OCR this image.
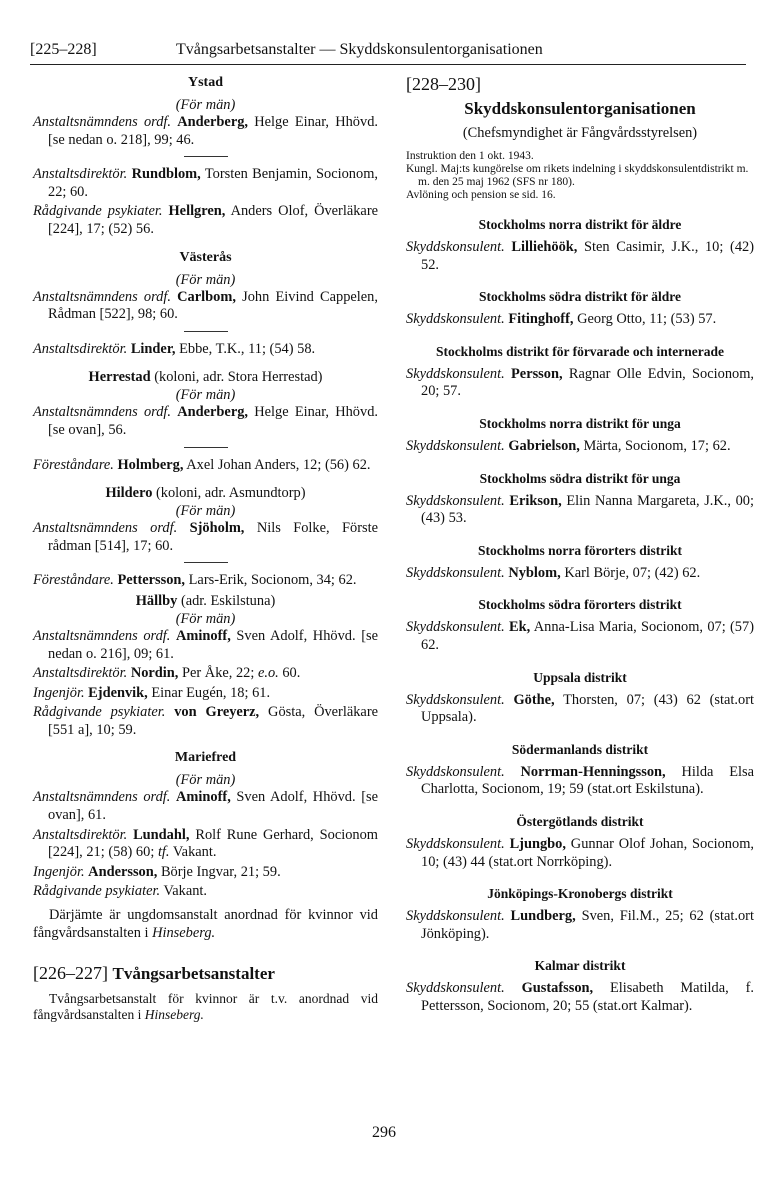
[225–228]	Tvångsarbetsanstalter — Skyddskonsulentorganisationen
Ystad
(För män)

Anstaltsnämndens ordf. Anderberg, Helge Einar, Hhövd. [se nedan o. 218], 99; 46.

Anstaltsdirektör. Rundblom, Torsten Benjamin, Socionom, 22; 60.

Rådgivande psykiater. Hellgren, Anders Olof, Överläkare [224], 17; (52) 56.

Västerås
(För män)

Anstaltsnämndens ordf. Carlbom, John Eivind Cappelen, Rådman [522], 98; 60.

Anstaltsdirektör. Linder, Ebbe, T.K., 11; (54) 58.

Herrestad (koloni, adr. Stora Herrestad)
(För män)

Anstaltsnämndens ordf. Anderberg, Helge Einar, Hhövd. [se ovan], 56.

Föreståndare. Holmberg, Axel Johan Anders, 12; (56) 62.

Hildero (koloni, adr. Asmundtorp)
(För män)

Anstaltsnämndens ordf. Sjöholm, Nils Folke, Förste rådman [514], 17; 60.

Föreståndare. Pettersson, Lars-Erik, Socionom, 34; 62.

Hällby (adr. Eskilstuna)
(För män)

Anstaltsnämndens ordf. Aminoff, Sven Adolf, Hhövd. [se nedan o. 216], 09; 61.

Anstaltsdirektör. Nordin, Per Åke, 22; e.o. 60.

Ingenjör. Ejdenvik, Einar Eugén, 18; 61.

Rådgivande psykiater. von Greyerz, Gösta, Överläkare [551 a], 10; 59.

Mariefred
(För män)

Anstaltsnämndens ordf. Aminoff, Sven Adolf, Hhövd. [se ovan], 61.

Anstaltsdirektör. Lundahl, Rolf Rune Gerhard, Socionom [224], 21; (58) 60; tf. Vakant.

Ingenjör. Andersson, Börje Ingvar, 21; 59.

Rådgivande psykiater. Vakant.

Därjämte är ungdomsanstalt anordnad för kvinnor vid fångvårdsanstalten i Hinseberg.

[226–227] Tvångsarbetsanstalter

Tvångsarbetsanstalt för kvinnor är t.v. anordnad vid fångvårdsanstalten i Hinseberg.

[228–230]
Skyddskonsulentorganisationen
(Chefsmyndighet är Fångvårdsstyrelsen)

Instruktion den 1 okt. 1943.

Kungl. Maj:ts kungörelse om rikets indelning i skyddskonsulentdistrikt m. m. den 25 maj 1962 (SFS nr 180).

Avlöning och pension se sid. 16.

Stockholms norra distrikt för äldre

Skyddskonsulent. Lilliehöök, Sten Casimir, J.K., 10; (42) 52.

Stockholms södra distrikt för äldre

Skyddskonsulent. Fitinghoff, Georg Otto, 11; (53) 57.

Stockholms distrikt för förvarade och internerade

Skyddskonsulent. Persson, Ragnar Olle Edvin, Socionom, 20; 57.

Stockholms norra distrikt för unga

Skyddskonsulent. Gabrielson, Märta, Socionom, 17; 62.

Stockholms södra distrikt för unga

Skyddskonsulent. Erikson, Elin Nanna Margareta, J.K., 00; (43) 53.

Stockholms norra förorters distrikt

Skyddskonsulent. Nyblom, Karl Börje, 07; (42) 62.

Stockholms södra förorters distrikt

Skyddskonsulent. Ek, Anna-Lisa Maria, Socionom, 07; (57) 62.

Uppsala distrikt

Skyddskonsulent. Göthe, Thorsten, 07; (43) 62 (stat.ort Uppsala).

Södermanlands distrikt

Skyddskonsulent. Norrman-Henningsson, Hilda Elsa Charlotta, Socionom, 19; 59 (stat.ort Eskilstuna).

Östergötlands distrikt

Skyddskonsulent. Ljungbo, Gunnar Olof Johan, Socionom, 10; (43) 44 (stat.ort Norrköping).

Jönköpings-Kronobergs distrikt

Skyddskonsulent. Lundberg, Sven, Fil.M., 25; 62 (stat.ort Jönköping).

Kalmar distrikt

Skyddskonsulent. Gustafsson, Elisabeth Matilda, f. Pettersson, Socionom, 20; 55 (stat.ort Kalmar).

296
